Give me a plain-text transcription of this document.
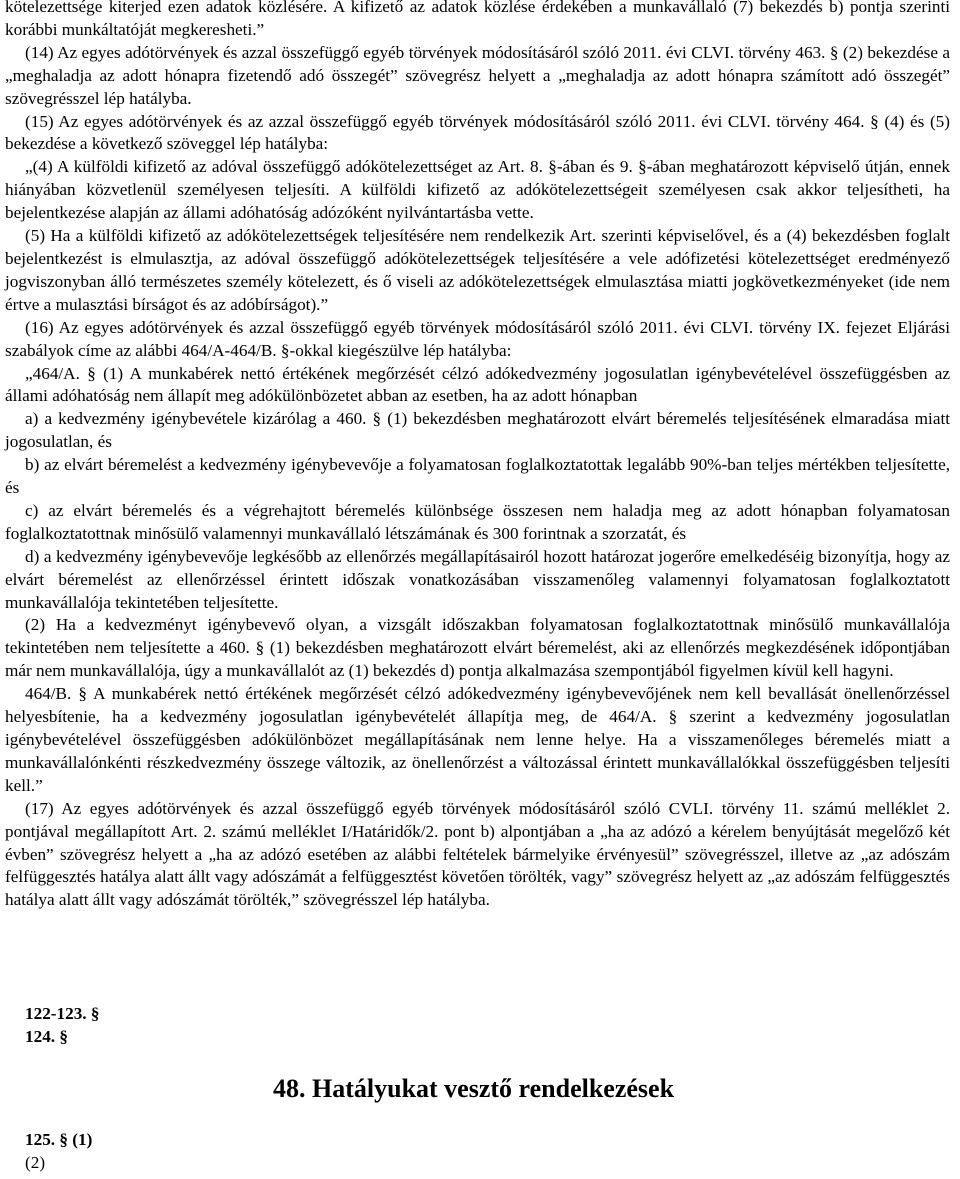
kötelezettsége kiterjed ezen adatok közlésére. A kifizető az adatok közlése érdekében a munkavállaló (7) bekezdés b) pontja szerinti korábbi munkáltatóját megkeresheti.”

(14) Az egyes adótörvények és azzal összefüggő egyéb törvények módosításáról szóló 2011. évi CLVI. törvény 463. § (2) bekezdése a „meghaladja az adott hónapra fizetendő adó összegét” szövegrész helyett a „meghaladja az adott hónapra számított adó összegét” szövegrésszel lép hatályba.

(15) Az egyes adótörvények és az azzal összefüggő egyéb törvények módosításáról szóló 2011. évi CLVI. törvény 464. § (4) és (5) bekezdése a következő szöveggel lép hatályba:

„(4) A külföldi kifizető az adóval összefüggő adókötelezettséget az Art. 8. §-ában és 9. §-ában meghatározott képviselő útján, ennek hiányában közvetlenül személyesen teljesíti. A külföldi kifizető az adókötelezettségeit személyesen csak akkor teljesítheti, ha bejelentkezése alapján az állami adóhatóság adózóként nyilvántartásba vette.

(5) Ha a külföldi kifizető az adókötelezettségek teljesítésére nem rendelkezik Art. szerinti képviselővel, és a (4) bekezdésben foglalt bejelentkezést is elmulasztja, az adóval összefüggő adókötelezettségek teljesítésére a vele adófizetési kötelezettséget eredményező jogviszonyban álló természetes személy kötelezett, és ő viseli az adókötelezettségek elmulasztása miatti jogkövetkezményeket (ide nem értve a mulasztási bírságot és az adóbírságot).”

(16) Az egyes adótörvények és azzal összefüggő egyéb törvények módosításáról szóló 2011. évi CLVI. törvény IX. fejezet Eljárási szabályok címe az alábbi 464/A-464/B. §-okkal kiegészülve lép hatályba:

„464/A. § (1) A munkabérek nettó értékének megőrzését célzó adókedvezmény jogosulatlan igénybevételével összefüggésben az állami adóhatóság nem állapít meg adókülönbözetet abban az esetben, ha az adott hónapban

a) a kedvezmény igénybevétele kizárólag a 460. § (1) bekezdésben meghatározott elvárt béremelés teljesítésének elmaradása miatt jogosulatlan, és

b) az elvárt béremelést a kedvezmény igénybevevője a folyamatosan foglalkoztatottak legalább 90%-ban teljes mértékben teljesítette, és

c) az elvárt béremelés és a végrehajtott béremelés különbsége összesen nem haladja meg az adott hónapban folyamatosan foglalkoztatottnak minősülő valamennyi munkavállaló létszámának és 300 forintnak a szorzatát, és

d) a kedvezmény igénybevevője legkésőbb az ellenőrzés megállapításairól hozott határozat jogerőre emelkedéséig bizonyítja, hogy az elvárt béremelést az ellenőrzéssel érintett időszak vonatkozásában visszamenőleg valamennyi folyamatosan foglalkoztatott munkavállalója tekintetében teljesítette.

(2) Ha a kedvezményt igénybevevő olyan, a vizsgált időszakban folyamatosan foglalkoztatottnak minősülő munkavállalója tekintetében nem teljesítette a 460. § (1) bekezdésben meghatározott elvárt béremelést, aki az ellenőrzés megkezdésének időpontjában már nem munkavállalója, úgy a munkavállalót az (1) bekezdés d) pontja alkalmazása szempontjából figyelmen kívül kell hagyni.

464/B. § A munkabérek nettó értékének megőrzését célzó adókedvezmény igénybevevőjének nem kell bevallását önellenőrzéssel helyesbítenie, ha a kedvezmény jogosulatlan igénybevételét állapítja meg, de 464/A. § szerint a kedvezmény jogosulatlan igénybevételével összefüggésben adókülönbözet megállapításának nem lenne helye. Ha a visszamenőleges béremelés miatt a munkavállalónkénti részkedvezmény összege változik, az önellenőrzést a változással érintett munkavállalókkal összefüggésben teljesíti kell.”

(17) Az egyes adótörvények és azzal összefüggő egyéb törvények módosításáról szóló CVLI. törvény 11. számú melléklet 2. pontjával megállapított Art. 2. számú melléklet I/Határidők/2. pont b) alpontjában a „ha az adózó a kérelem benyújtását megelőző két évben” szövegrész helyett a „ha az adózó esetében az alábbi feltételek bármelyike érvényesül” szövegrésszel, illetve az „az adószám felfüggesztés hatálya alatt állt vagy adószámát a felfüggesztést követően törölték, vagy” szövegrész helyett az „az adószám felfüggesztés hatálya alatt állt vagy adószámát törölték,” szövegrésszel lép hatályba.

122-123. §
124. §
48. Hatályukat vesztő rendelkezések
125. § (1)
(2)
